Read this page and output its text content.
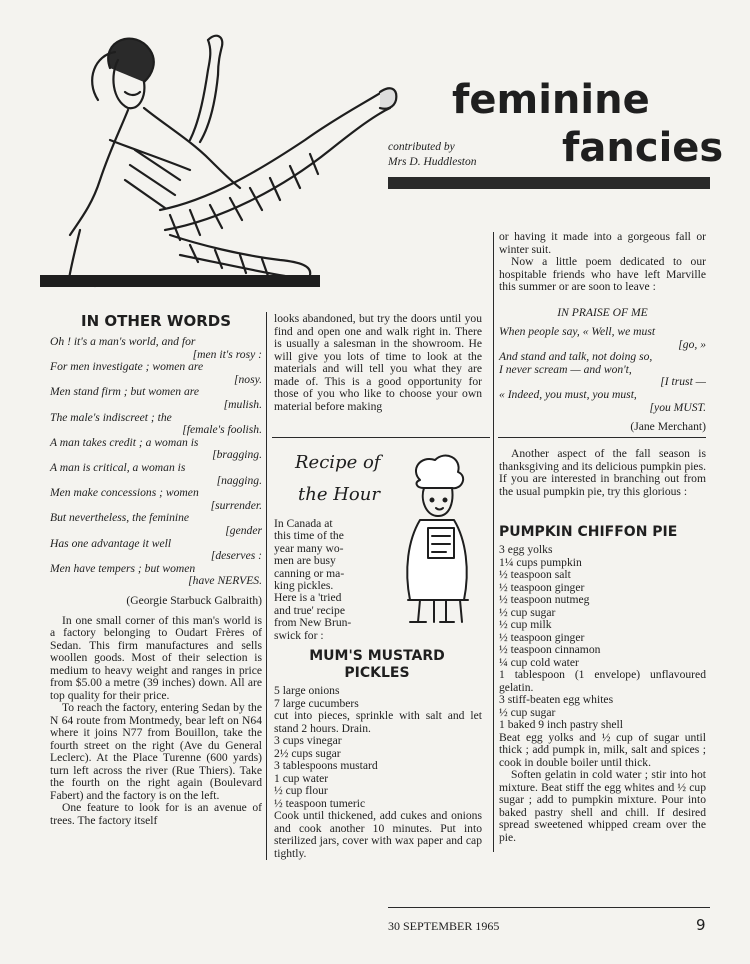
feminine
fancies
contributed by
Mrs D. Huddleston
IN OTHER WORDS
Oh ! it's a man's world, and for
[men it's rosy :
For men investigate ; women are
[nosy.
Men stand firm ; but women are
[mulish.
The male's indiscreet ; the
[female's foolish.
A man takes credit ; a woman is
[bragging.
A man is critical, a woman is
[nagging.
Men make concessions ; women
[surrender.
But nevertheless, the feminine
[gender
Has one advantage it well
[deserves :
Men have tempers ; but women
[have NERVES.
(Georgie Starbuck Galbraith)

In one small corner of this man's world is a factory belonging to Oudart Frères of Sedan. This firm manufactures and sells woollen goods. Most of their selection is medium to heavy weight and ranges in price from $5.00 a metre (39 inches) down. All are top quality for their price.

To reach the factory, entering Sedan by the N 64 route from Montmedy, bear left on N64 where it joins N77 from Bouillon, take the fourth street on the right (Ave du General Leclerc). At the Place Turenne (600 yards) turn left across the river (Rue Thiers). Take the fourth on the right again (Boulevard Fabert) and the factory is on the left.

One feature to look for is an avenue of trees. The factory itself

looks abandoned, but try the doors until you find and open one and walk right in. There is usually a salesman in the showroom. He will give you lots of time to look at the materials and will tell you what they are made of. This is a good opportunity for those of you who like to choose your own material before making
Recipe of
the Hour
In Canada at
this time of the
year many wo-
men are busy
canning or ma-
king pickles.
Here is a 'tried
and true' recipe
from New Brun-
swick for :
MUM'S MUSTARD
PICKLES
5 large onions
7 large cucumbers
cut into pieces, sprinkle with salt and let stand 2 hours. Drain.
3 cups vinegar
2½ cups sugar
3 tablespoons mustard
1 cup water
½ cup flour
½ teaspoon tumeric
Cook until thickened, add cukes and onions and cook another 10 minutes. Put into sterilized jars, cover with wax paper and cap tightly.
or having it made into a gorgeous fall or winter suit.

Now a little poem dedicated to our hospitable friends who have left Marville this summer or are soon to leave :

IN PRAISE OF ME
When people say, « Well, we must
[go, »
And stand and talk, not doing so,
I never scream — and won't,
[I trust —
« Indeed, you must, you must,
[you MUST.
(Jane Merchant)

Another aspect of the fall season is thanksgiving and its delicious pumpkin pies. If you are interested in branching out from the usual pumpkin pie, try this glorious :

PUMPKIN CHIFFON PIE
3 egg yolks
1¼ cups pumpkin
½ teaspoon salt
½ teaspoon ginger
½ teaspoon nutmeg
½ cup sugar
½ cup milk
½ teaspoon ginger
½ teaspoon cinnamon
¼ cup cold water
1 tablespoon (1 envelope) unflavoured gelatin.
3 stiff-beaten egg whites
½ cup sugar
1 baked 9 inch pastry shell
Beat egg yolks and ½ cup of sugar until thick ; add pumpk in, milk, salt and spices ; cook in double boiler until thick.

Soften gelatin in cold water ; stir into hot mixture. Beat stiff the egg whites and ½ cup sugar ; add to pumpkin mixture. Pour into baked pastry shell and chill. If desired spread sweetened whipped cream over the pie.

30 SEPTEMBER 1965	9
